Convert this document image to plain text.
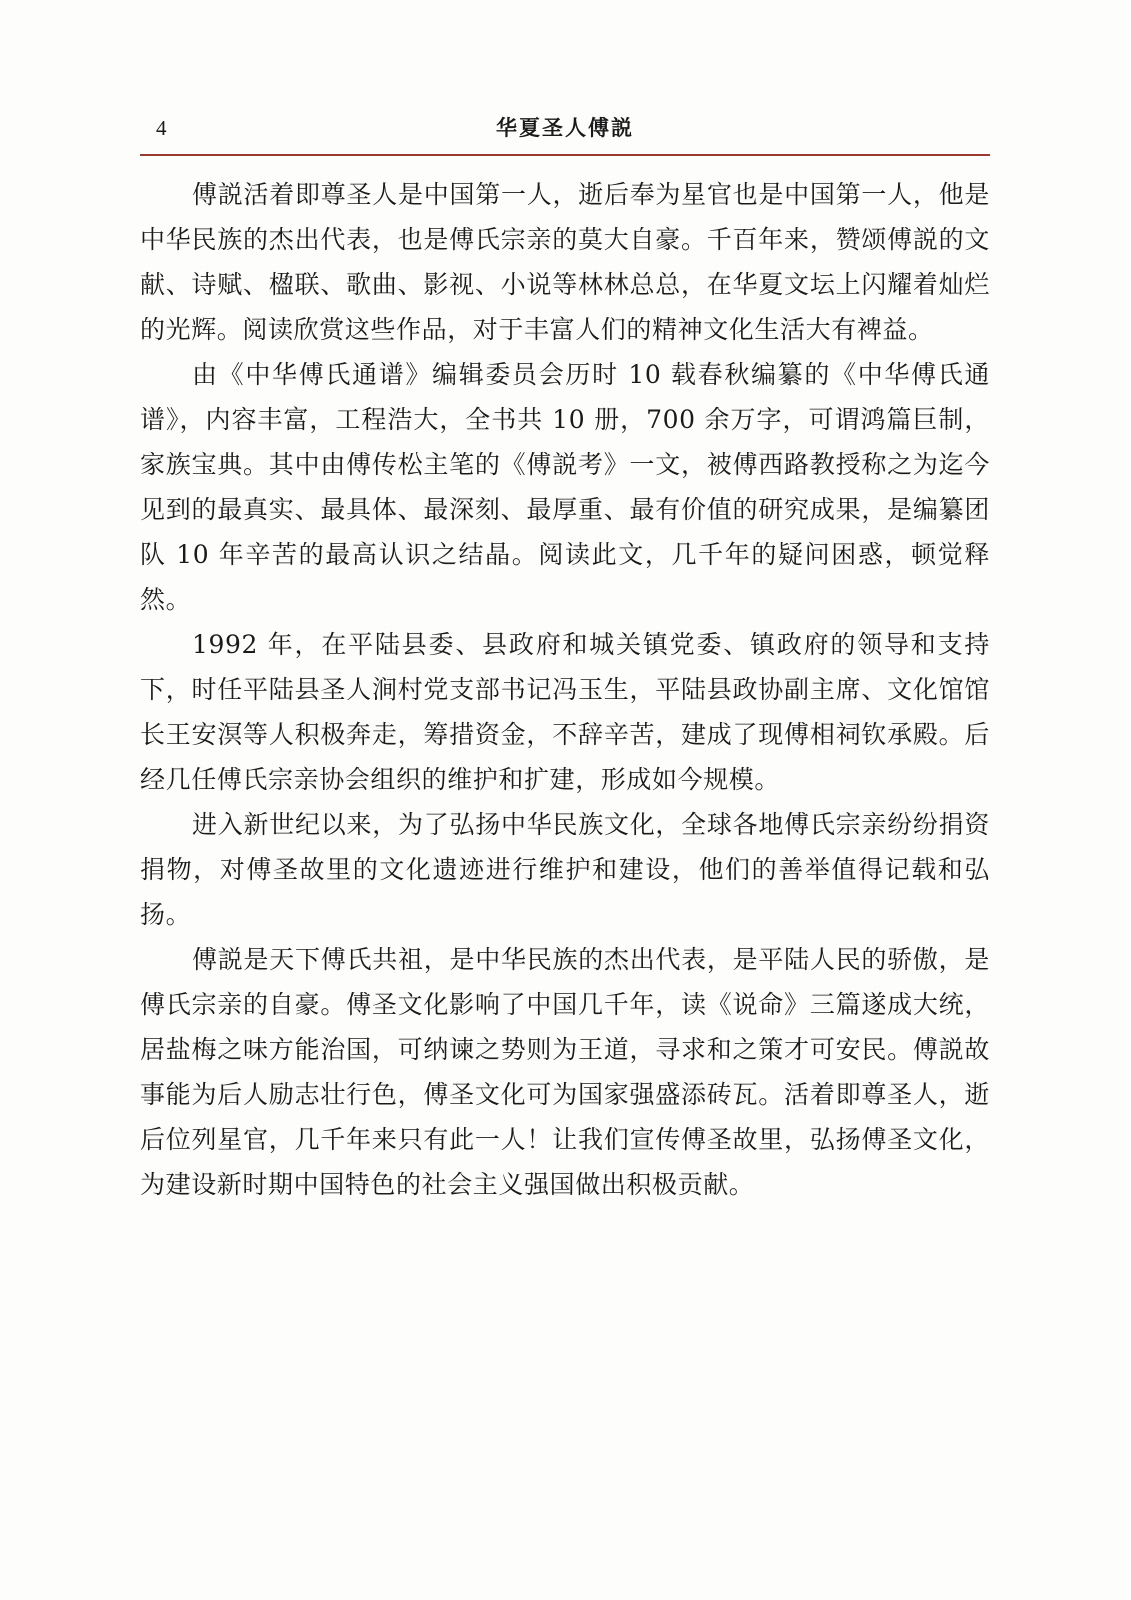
4	华夏圣人傅説

傅説活着即尊圣人是中国第一人，逝后奉为星官也是中国第一人，他是中华民族的杰出代表，也是傅氏宗亲的莫大自豪。千百年来，赞颂傅説的文献、诗赋、楹联、歌曲、影视、小说等林林总总，在华夏文坛上闪耀着灿烂的光辉。阅读欣赏这些作品，对于丰富人们的精神文化生活大有裨益。

由《中华傅氏通谱》编辑委员会历时 10 载春秋编纂的《中华傅氏通谱》，内容丰富，工程浩大，全书共 10 册，700 余万字，可谓鸿篇巨制，家族宝典。其中由傅传松主笔的《傅説考》一文，被傅西路教授称之为迄今见到的最真实、最具体、最深刻、最厚重、最有价值的研究成果，是编纂团队 10 年辛苦的最高认识之结晶。阅读此文，几千年的疑问困惑，顿觉释然。

1992 年，在平陆县委、县政府和城关镇党委、镇政府的领导和支持下，时任平陆县圣人涧村党支部书记冯玉生，平陆县政协副主席、文化馆馆长王安溟等人积极奔走，筹措资金，不辞辛苦，建成了现傅相祠钦承殿。后经几任傅氏宗亲协会组织的维护和扩建，形成如今规模。

进入新世纪以来，为了弘扬中华民族文化，全球各地傅氏宗亲纷纷捐资捐物，对傅圣故里的文化遗迹进行维护和建设，他们的善举值得记载和弘扬。

傅説是天下傅氏共祖，是中华民族的杰出代表，是平陆人民的骄傲，是傅氏宗亲的自豪。傅圣文化影响了中国几千年，读《说命》三篇遂成大统，居盐梅之味方能治国，可纳谏之势则为王道，寻求和之策才可安民。傅説故事能为后人励志壮行色，傅圣文化可为国家强盛添砖瓦。活着即尊圣人，逝后位列星官，几千年来只有此一人！让我们宣传傅圣故里，弘扬傅圣文化，为建设新时期中国特色的社会主义强国做出积极贡献。
